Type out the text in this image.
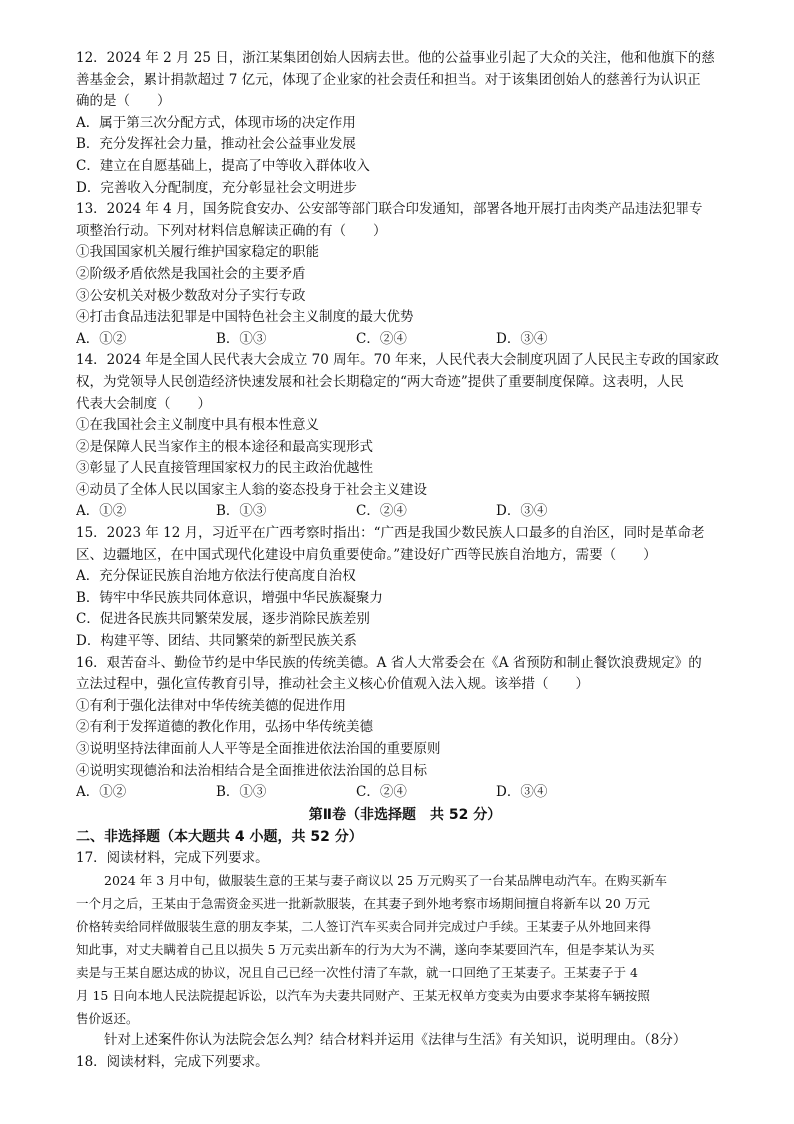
12．2024 年 2 月 25 日，浙江某集团创始人因病去世。他的公益事业引起了大众的关注，他和他旗下的慈
善基金会，累计捐款超过 7 亿元，体现了企业家的社会责任和担当。对于该集团创始人的慈善行为认识正
确的是（　　）
A．属于第三次分配方式，体现市场的决定作用
B．充分发挥社会力量，推动社会公益事业发展
C．建立在自愿基础上，提高了中等收入群体收入
D．完善收入分配制度，充分彰显社会文明进步
13．2024 年 4 月，国务院食安办、公安部等部门联合印发通知，部署各地开展打击肉类产品违法犯罪专
项整治行动。下列对材料信息解读正确的有（　　）
①我国国家机关履行维护国家稳定的职能
②阶级矛盾依然是我国社会的主要矛盾
③公安机关对极少数敌对分子实行专政
④打击食品违法犯罪是中国特色社会主义制度的最大优势
A．①②	B．①③	C．②④	D．③④
14．2024 年是全国人民代表大会成立 70 周年。70 年来，人民代表大会制度巩固了人民民主专政的国家政
权，为党领导人民创造经济快速发展和社会长期稳定的“两大奇迹”提供了重要制度保障。这表明，人民
代表大会制度（　　）
①在我国社会主义制度中具有根本性意义
②是保障人民当家作主的根本途径和最高实现形式
③彰显了人民直接管理国家权力的民主政治优越性
④动员了全体人民以国家主人翁的姿态投身于社会主义建设
A．①②	B．①③	C．②④	D．③④
15．2023 年 12 月，习近平在广西考察时指出：“广西是我国少数民族人口最多的自治区，同时是革命老
区、边疆地区，在中国式现代化建设中肩负重要使命。”建设好广西等民族自治地方，需要（　　）
A．充分保证民族自治地方依法行使高度自治权
B．铸牢中华民族共同体意识，增强中华民族凝聚力
C．促进各民族共同繁荣发展，逐步消除民族差别
D．构建平等、团结、共同繁荣的新型民族关系
16．艰苦奋斗、勤俭节约是中华民族的传统美德。A 省人大常委会在《A 省预防和制止餐饮浪费规定》的
立法过程中，强化宣传教育引导，推动社会主义核心价值观入法入规。该举措（　　）
①有利于强化法律对中华传统美德的促进作用
②有利于发挥道德的教化作用，弘扬中华传统美德
③说明坚持法律面前人人平等是全面推进依法治国的重要原则
④说明实现德治和法治相结合是全面推进依法治国的总目标
A．①②	B．①③	C．②④	D．③④
第Ⅱ卷（非选择题　共 52 分）
二、非选择题（本大题共 4 小题，共 52 分）
17．阅读材料，完成下列要求。
2024 年 3 月中旬，做服装生意的王某与妻子商议以 25 万元购买了一台某品牌电动汽车。在购买新车
一个月之后，王某由于急需资金买进一批新款服装，在其妻子到外地考察市场期间擅自将新车以 20 万元
价格转卖给同样做服装生意的朋友李某，二人签订汽车买卖合同并完成过户手续。王某妻子从外地回来得
知此事，对丈夫瞒着自己且以损失 5 万元卖出新车的行为大为不满，遂向李某要回汽车，但是李某认为买
卖是与王某自愿达成的协议，况且自己已经一次性付清了车款，就一口回绝了王某妻子。王某妻子于 4
月 15 日向本地人民法院提起诉讼，以汽车为夫妻共同财产、王某无权单方变卖为由要求李某将车辆按照
售价返还。
针对上述案件你认为法院会怎么判？结合材料并运用《法律与生活》有关知识，说明理由。（8分）
18．阅读材料，完成下列要求。
